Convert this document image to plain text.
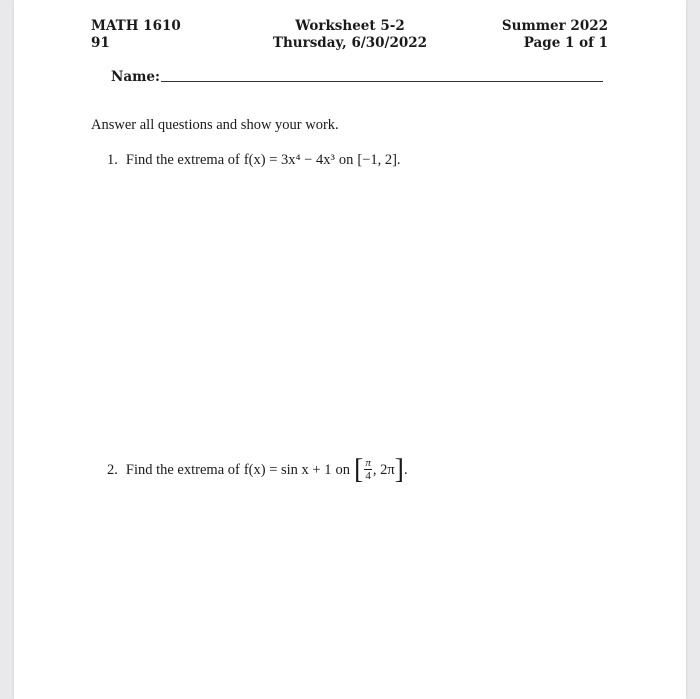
MATH 1610
91
Worksheet 5-2
Thursday, 6/30/2022
Summer 2022
Page 1 of 1
Name:
Answer all questions and show your work.
1. Find the extrema of f(x) = 3x⁴ − 4x³ on [−1, 2].
2. Find the extrema of f(x) = sin x + 1 on [ $\frac{\pi}{4}$ , 2π ] .
